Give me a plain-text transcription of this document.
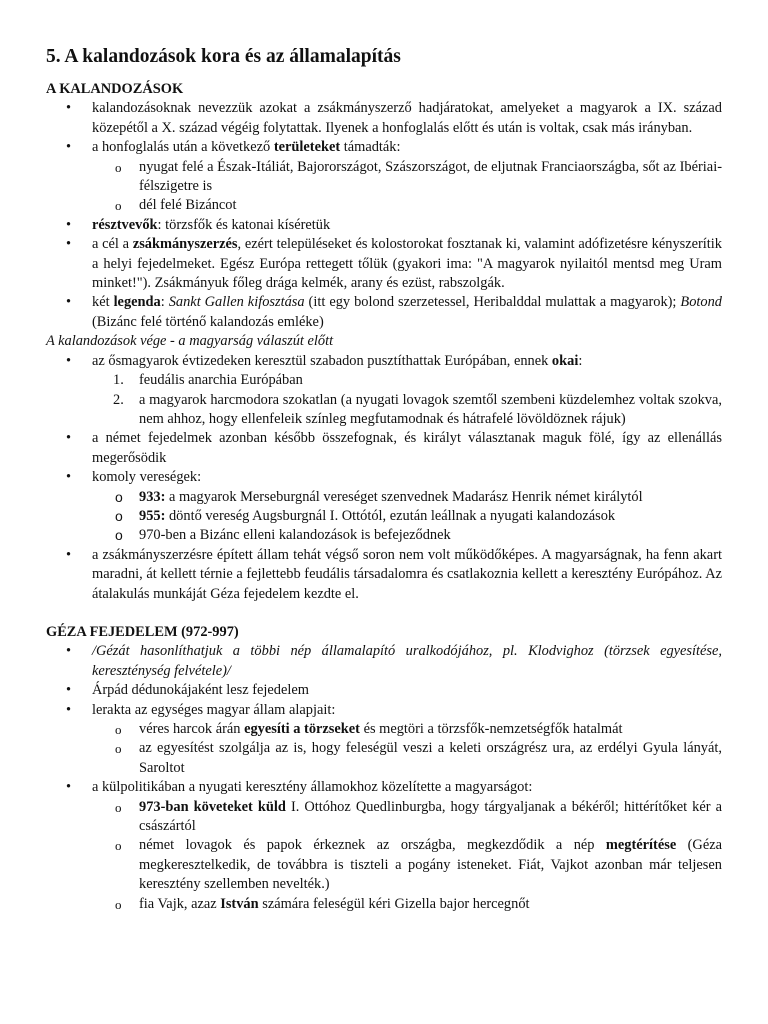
5. A kalandozások kora és az államalapítás

A KALANDOZÁSOK

• kalandozásoknak nevezzük azokat a zsákmányszerző hadjáratokat, amelyeket a magyarok a IX. század közepétől a X. század végéig folytattak. Ilyenek a honfoglalás előtt és után is voltak, csak más irányban.
• a honfoglalás után a következő területeket támadták:
o nyugat felé a Észak-Itáliát, Bajorországot, Szászországot, de eljutnak Franciaországba, sőt az Ibériai-félszigetre is
o dél felé Bizáncot
• résztvevők: törzsfők és katonai kíséretük
• a cél a zsákmányszerzés, ezért településeket és kolostorokat fosztanak ki, valamint adófizetésre kényszerítik a helyi fejedelmeket. Egész Európa rettegett tőlük (gyakori ima: "A magyarok nyilaitól mentsd meg Uram minket!"). Zsákmányuk főleg drága kelmék, arany és ezüst, rabszolgák.
• két legenda: Sankt Gallen kifosztása (itt egy bolond szerzetessel, Heribalddal mulattak a magyarok); Botond (Bizánc felé történő kalandozás emléke)

A kalandozások vége - a magyarság válaszút előtt

• az ősmagyarok évtizedeken keresztül szabadon pusztíthattak Európában, ennek okai:
1. feudális anarchia Európában
2. a magyarok harcmodora szokatlan (a nyugati lovagok szemtől szembeni küzdelemhez voltak szokva, nem ahhoz, hogy ellenfeleik színleg megfutamodnak és hátrafelé lövöldöznek rájuk)
• a német fejedelmek azonban később összefognak, és királyt választanak maguk fölé, így az ellenállás megerősödik
• komoly vereségek:
o 933: a magyarok Merseburgnál vereséget szenvednek Madarász Henrik német királytól
o 955: döntő vereség Augsburgnál I. Ottótól, ezután leállnak a nyugati kalandozások
o 970-ben a Bizánc elleni kalandozások is befejeződnek
• a zsákmányszerzésre épített állam tehát végső soron nem volt működőképes. A magyarságnak, ha fenn akart maradni, át kellett térnie a fejlettebb feudális társadalomra és csatlakoznia kellett a keresztény Európához. Az átalakulás munkáját Géza fejedelem kezdte el.

GÉZA FEJEDELEM (972-997)

• /Gézát hasonlíthatjuk a többi nép államalapító uralkodójához, pl. Klodvighoz (törzsek egyesítése, kereszténység felvétele)/
• Árpád dédunokájaként lesz fejedelem
• lerakta az egységes magyar állam alapjait:
o véres harcok árán egyesíti a törzseket és megtöri a törzsfők-nemzetségfők hatalmát
o az egyesítést szolgálja az is, hogy feleségül veszi a keleti országrész ura, az erdélyi Gyula lányát, Saroltot
• a külpolitikában a nyugati keresztény államokhoz közelítette a magyarságot:
o 973-ban követeket küld I. Ottóhoz Quedlinburgba, hogy tárgyaljanak a békéről; hittérítőket kér a császártól
o német lovagok és papok érkeznek az országba, megkezdődik a nép megtérítése (Géza megkeresztelkedik, de továbbra is tiszteli a pogány isteneket. Fiát, Vajkot azonban már teljesen keresztény szellemben nevelték.)
o fia Vajk, azaz István számára feleségül kéri Gizella bajor hercegnőt
